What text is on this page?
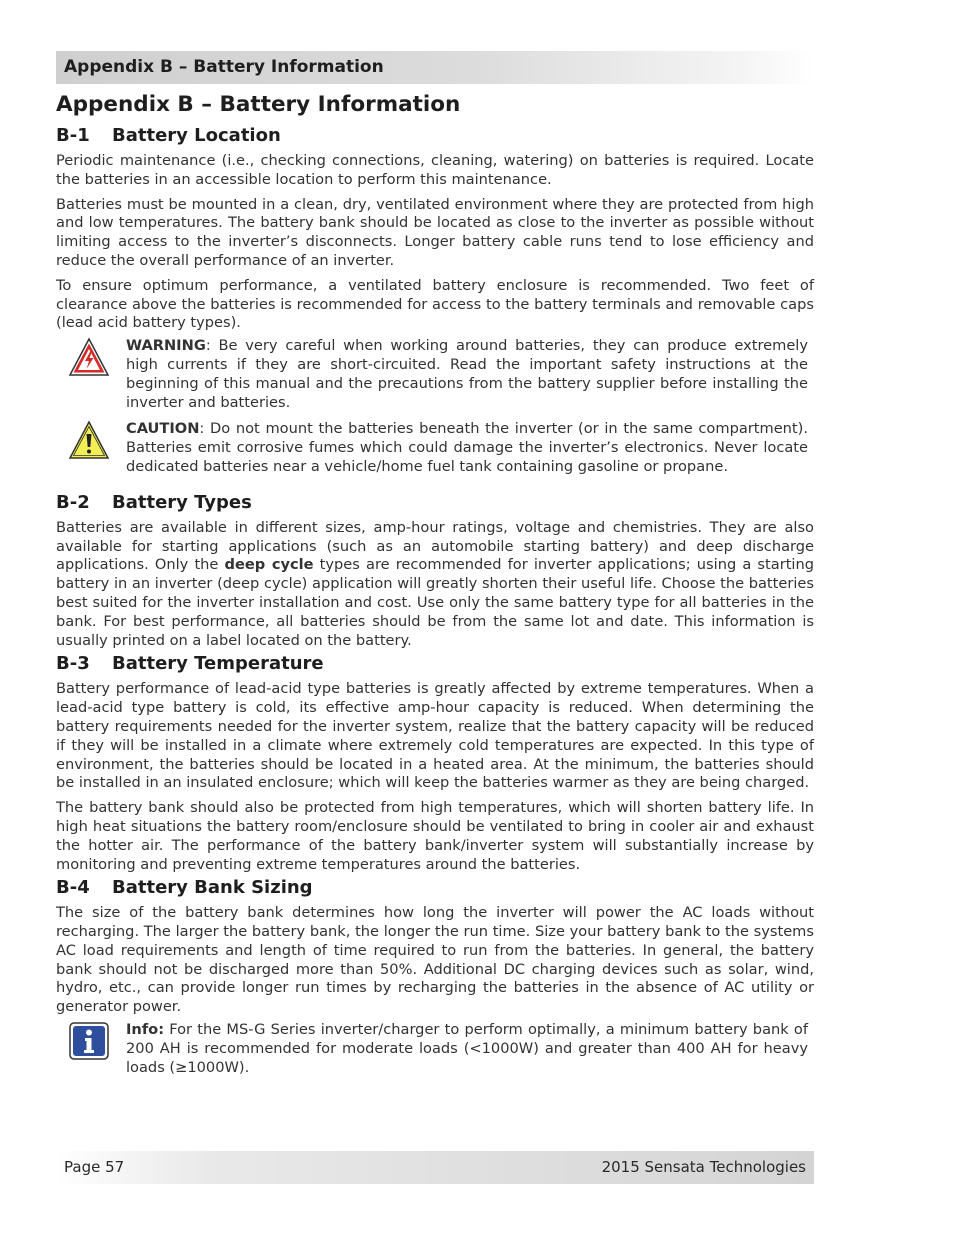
Appendix B – Battery Information
Appendix B – Battery Information
B-1 Battery Location

Periodic maintenance (i.e., checking connections, cleaning, watering) on batteries is required. Locate the batteries in an accessible location to perform this maintenance.

Batteries must be mounted in a clean, dry, ventilated environment where they are protected from high and low temperatures. The battery bank should be located as close to the inverter as possible without limiting access to the inverter’s disconnects. Longer battery cable runs tend to lose efficiency and reduce the overall performance of an inverter.

To ensure optimum performance, a ventilated battery enclosure is recommended. Two feet of clearance above the batteries is recommended for access to the battery terminals and removable caps (lead acid battery types).

WARNING: Be very careful when working around batteries, they can produce extremely high currents if they are short-circuited. Read the important safety instructions at the beginning of this manual and the precautions from the battery supplier before installing the inverter and batteries.

CAUTION: Do not mount the batteries beneath the inverter (or in the same compartment). Batteries emit corrosive fumes which could damage the inverter’s electronics. Never locate dedicated batteries near a vehicle/home fuel tank containing gasoline or propane.

B-2 Battery Types

Batteries are available in different sizes, amp-hour ratings, voltage and chemistries. They are also available for starting applications (such as an automobile starting battery) and deep discharge applications. Only the deep cycle types are recommended for inverter applications; using a starting battery in an inverter (deep cycle) application will greatly shorten their useful life. Choose the batteries best suited for the inverter installation and cost. Use only the same battery type for all batteries in the bank. For best performance, all batteries should be from the same lot and date. This information is usually printed on a label located on the battery.

B-3 Battery Temperature

Battery performance of lead-acid type batteries is greatly affected by extreme temperatures. When a lead-acid type battery is cold, its effective amp-hour capacity is reduced. When determining the battery requirements needed for the inverter system, realize that the battery capacity will be reduced if they will be installed in a climate where extremely cold temperatures are expected. In this type of environment, the batteries should be located in a heated area. At the minimum, the batteries should be installed in an insulated enclosure; which will keep the batteries warmer as they are being charged.

The battery bank should also be protected from high temperatures, which will shorten battery life. In high heat situations the battery room/enclosure should be ventilated to bring in cooler air and exhaust the hotter air. The performance of the battery bank/inverter system will substantially increase by monitoring and preventing extreme temperatures around the batteries.

B-4 Battery Bank Sizing

The size of the battery bank determines how long the inverter will power the AC loads without recharging. The larger the battery bank, the longer the run time. Size your battery bank to the systems AC load requirements and length of time required to run from the batteries. In general, the battery bank should not be discharged more than 50%. Additional DC charging devices such as solar, wind, hydro, etc., can provide longer run times by recharging the batteries in the absence of AC utility or generator power.

Info: For the MS-G Series inverter/charger to perform optimally, a minimum battery bank of 200 AH is recommended for moderate loads (<1000W) and greater than 400 AH for heavy loads (≥1000W).

Page 57	2015 Sensata Technologies
